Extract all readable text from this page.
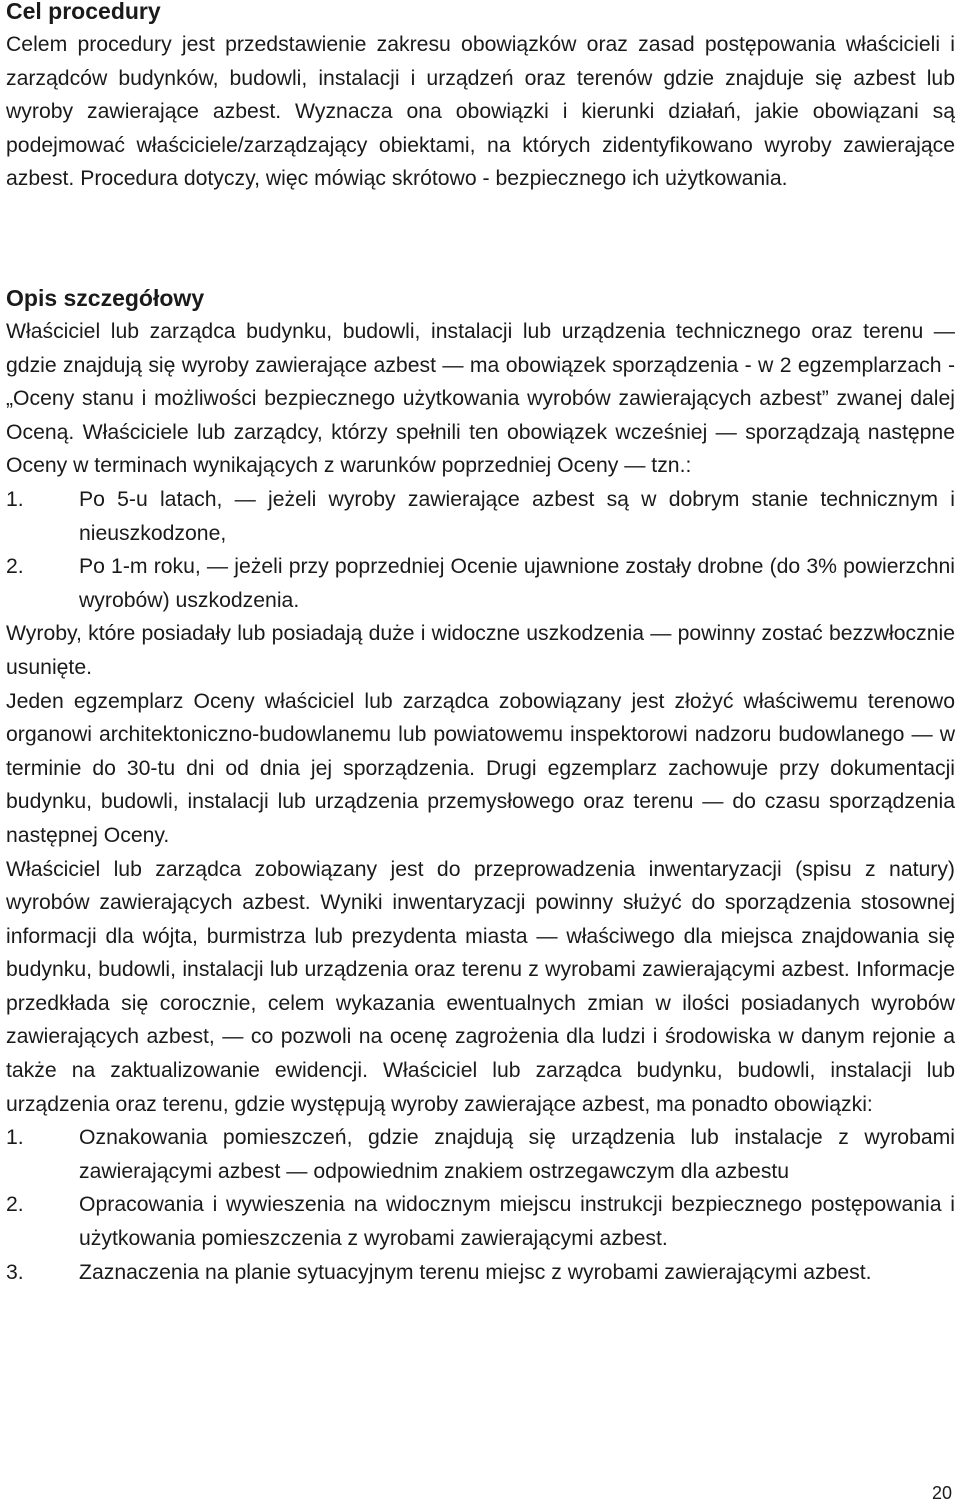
Cel procedury

Celem procedury jest przedstawienie zakresu obowiązków oraz zasad postępowania właścicieli i zarządców budynków, budowli, instalacji i urządzeń oraz terenów gdzie znajduje się azbest lub wyroby zawierające azbest. Wyznacza ona obowiązki i kierunki działań, jakie obowiązani są podejmować właściciele/zarządzający obiektami, na których zidentyfikowano wyroby zawierające azbest. Procedura dotyczy, więc mówiąc skrótowo - bezpiecznego ich użytkowania.

Opis szczegółowy

Właściciel lub zarządca budynku, budowli, instalacji lub urządzenia technicznego oraz terenu — gdzie znajdują się wyroby zawierające azbest — ma obowiązek sporządzenia - w 2 egzemplarzach - „Oceny stanu i możliwości bezpiecznego użytkowania wyrobów zawierających azbest” zwanej dalej Oceną. Właściciele lub zarządcy, którzy spełnili ten obowiązek wcześniej — sporządzają następne Oceny w terminach wynikających z warunków poprzedniej Oceny — tzn.:

1.	Po 5-u latach, — jeżeli wyroby zawierające azbest są w dobrym stanie technicznym i nieuszkodzone,
2.	Po 1-m roku, — jeżeli przy poprzedniej Ocenie ujawnione zostały drobne (do 3% powierzchni wyrobów) uszkodzenia.

Wyroby, które posiadały lub posiadają duże i widoczne uszkodzenia — powinny zostać bezzwłocznie usunięte.

Jeden egzemplarz Oceny właściciel lub zarządca zobowiązany jest złożyć właściwemu terenowo organowi architektoniczno-budowlanemu lub powiatowemu inspektorowi nadzoru budowlanego — w terminie do 30-tu dni od dnia jej sporządzenia. Drugi egzemplarz zachowuje przy dokumentacji budynku, budowli, instalacji lub urządzenia przemysłowego oraz terenu — do czasu sporządzenia następnej Oceny.

Właściciel lub zarządca zobowiązany jest do przeprowadzenia inwentaryzacji (spisu z natury) wyrobów zawierających azbest. Wyniki inwentaryzacji powinny służyć do sporządzenia stosownej informacji dla wójta, burmistrza lub prezydenta miasta — właściwego dla miejsca znajdowania się budynku, budowli, instalacji lub urządzenia oraz terenu z wyrobami zawierającymi azbest. Informacje przedkłada się corocznie, celem wykazania ewentualnych zmian w ilości posiadanych wyrobów zawierających azbest, — co pozwoli na ocenę zagrożenia dla ludzi i środowiska w danym rejonie a także na zaktualizowanie ewidencji. Właściciel lub zarządca budynku, budowli, instalacji lub urządzenia oraz terenu, gdzie występują wyroby zawierające azbest, ma ponadto obowiązki:

1.	Oznakowania pomieszczeń, gdzie znajdują się urządzenia lub instalacje z wyrobami zawierającymi azbest — odpowiednim znakiem ostrzegawczym dla azbestu
2.	Opracowania i wywieszenia na widocznym miejscu instrukcji bezpiecznego postępowania i użytkowania pomieszczenia z wyrobami zawierającymi azbest.
3.	Zaznaczenia na planie sytuacyjnym terenu miejsc z wyrobami zawierającymi azbest.
20
